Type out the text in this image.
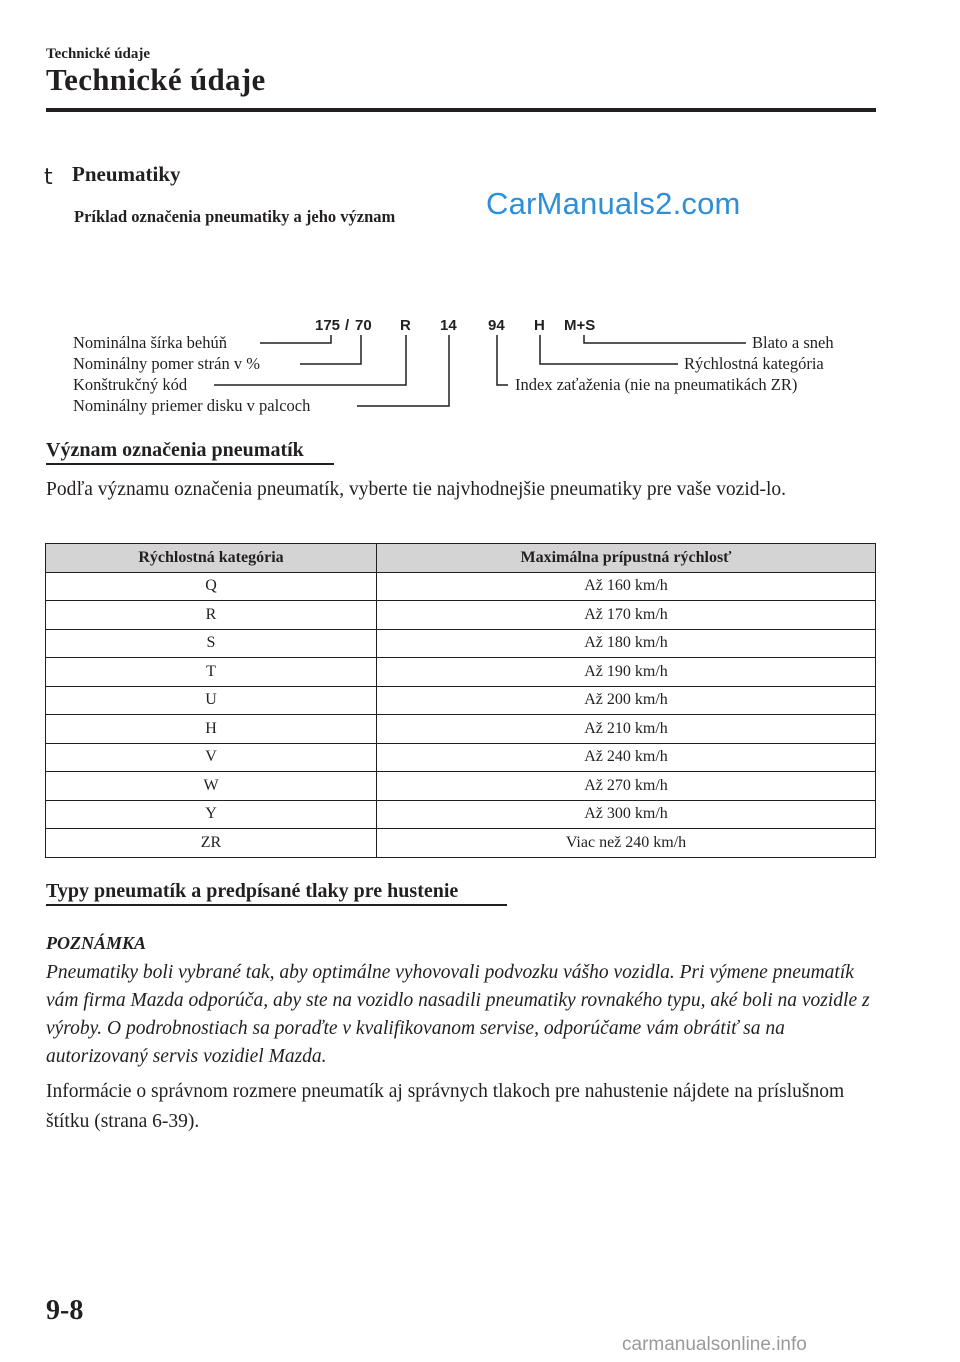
Technické údaje
Technické údaje
t Pneumatiky
Príklad označenia pneumatiky a jeho význam	CarManuals2.com
175 / 70 R 14 94 H M+S
Nominálna šírka behúň
Nominálny pomer strán v %
Konštrukčný kód
Nominálny priemer disku v palcoch
Blato a sneh
Rýchlostná kategória
Index zaťaženia (nie na pneumatikách ZR)
Význam označenia pneumatík
Podľa významu označenia pneumatík, vyberte tie najvhodnejšie pneumatiky pre vaše vozid-lo.
Rýchlostná kategória	Maximálna prípustná rýchlosť
Q	Až 160 km/h
R	Až 170 km/h
S	Až 180 km/h
T	Až 190 km/h
U	Až 200 km/h
H	Až 210 km/h
V	Až 240 km/h
W	Až 270 km/h
Y	Až 300 km/h
ZR	Viac než 240 km/h
Typy pneumatík a predpísané tlaky pre hustenie
POZNÁMKA
Pneumatiky boli vybrané tak, aby optimálne vyhovovali podvozku vášho vozidla. Pri výmene pneumatík vám firma Mazda odporúča, aby ste na vozidlo nasadili pneumatiky rovnakého typu, aké boli na vozidle z výroby. O podrobnostiach sa poraďte v kvalifikovanom servise, odporúčame vám obrátiť sa na autorizovaný servis vozidiel Mazda.
Informácie o správnom rozmere pneumatík aj správnych tlakoch pre nahustenie nájdete na príslušnom štítku (strana 6-39).
9-8
carmanualsonline.info
